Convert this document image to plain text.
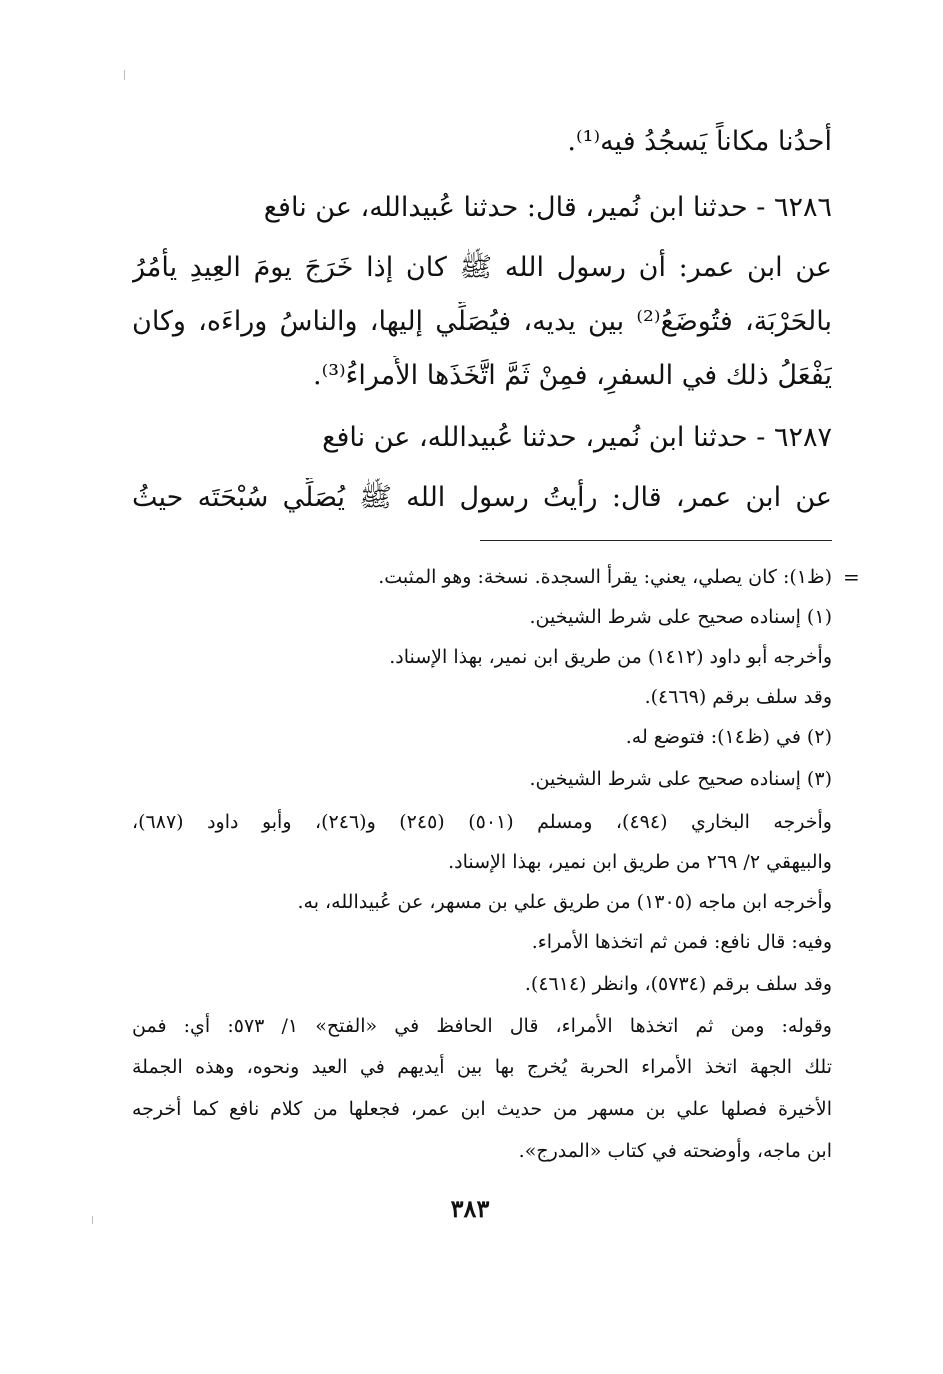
أحدُنا مكاناً يَسجُدُ فيه⁽¹⁾.
٦٢٨٦ - حدثنا ابن نُمير، قال: حدثنا عُبيدالله، عن نافع
عن ابن عمر: أن رسول الله ﷺ كان إذا خَرَجَ يومَ العِيدِ يأْمُرُ
بالحَرْبَة، فتُوضَعُ⁽²⁾ بين يديه، فيُصَلِّي إليها، والناسُ وراءَه، وكان
يَفْعَلُ ذلك في السفرِ، فمِنْ ثَمَّ اتَّخَذَها الأُمراءُ⁽³⁾.
٦٢٨٧ - حدثنا ابن نُمير، حدثنا عُبيدالله، عن نافع
عن ابن عمر، قال: رأيتُ رسول الله ﷺ يُصَلِّي سُبْحَتَه حيثُ
=
(ظ١): كان يصلي، يعني: يقرأ السجدة. نسخة: وهو المثبت.
(١) إسناده صحيح على شرط الشيخين.
وأخرجه أبو داود (١٤١٢) من طريق ابن نمير، بهذا الإسناد.
وقد سلف برقم (٤٦٦٩).
(٢) في (ظ١٤): فتوضع له.
(٣) إسناده صحيح على شرط الشيخين.
وأخرجه البخاري (٤٩٤)، ومسلم (٥٠١) (٢٤٥) و(٢٤٦)، وأبو داود (٦٨٧)،
والبيهقي ٢/ ٢٦٩ من طريق ابن نمير، بهذا الإسناد.
وأخرجه ابن ماجه (١٣٠٥) من طريق علي بن مسهر، عن عُبيدالله، به.
وفيه: قال نافع: فمن ثم اتخذها الأمراء.
وقد سلف برقم (٥٧٣٤)، وانظر (٤٦١٤).
وقوله: ومن ثم اتخذها الأمراء، قال الحافظ في «الفتح» ١/ ٥٧٣: أي: فمن
تلك الجهة اتخذ الأمراء الحربة يُخرج بها بين أيديهم في العيد ونحوه، وهذه الجملة
الأخيرة فصلها علي بن مسهر من حديث ابن عمر، فجعلها من كلام نافع كما أخرجه
ابن ماجه، وأوضحته في كتاب «المدرج».
٣٨٣
